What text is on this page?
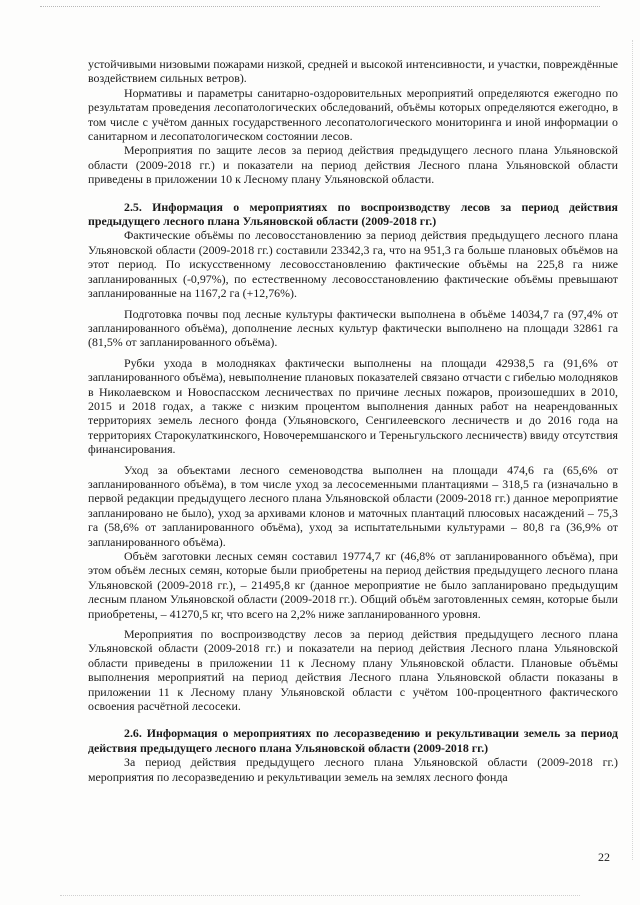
устойчивыми низовыми пожарами низкой, средней и высокой интенсивности, и участки, повреждённые воздействием сильных ветров).

Нормативы и параметры санитарно-оздоровительных мероприятий определяются ежегодно по результатам проведения лесопатологических обследований, объёмы которых определяются ежегодно, в том числе с учётом данных государственного лесопатологического мониторинга и иной информации о санитарном и лесопатологическом состоянии лесов.

Мероприятия по защите лесов за период действия предыдущего лесного плана Ульяновской области (2009-2018 гг.) и показатели на период действия Лесного плана Ульяновской области приведены в приложении 10 к Лесному плану Ульяновской области.

2.5. Информация о мероприятиях по воспроизводству лесов за период действия предыдущего лесного плана Ульяновской области (2009-2018 гг.)

Фактические объёмы по лесовосстановлению за период действия предыдущего лесного плана Ульяновской области (2009-2018 гг.) составили 23342,3 га, что на 951,3 га больше плановых объёмов на этот период. По искусственному лесовосстановлению фактические объёмы на 225,8 га ниже запланированных (-0,97%), по естественному лесовосстановлению фактические объёмы превышают запланированные на 1167,2 га (+12,76%).

Подготовка почвы под лесные культуры фактически выполнена в объёме 14034,7 га (97,4% от запланированного объёма), дополнение лесных культур фактически выполнено на площади 32861 га (81,5% от запланированного объёма).

Рубки ухода в молодняках фактически выполнены на площади 42938,5 га (91,6% от запланированного объёма), невыполнение плановых показателей связано отчасти с гибелью молодняков в Николаевском и Новоспасском лесничествах по причине лесных пожаров, произошедших в 2010, 2015 и 2018 годах, а также с низким процентом выполнения данных работ на неарендованных территориях земель лесного фонда (Ульяновского, Сенгилеевского лесничеств и до 2016 года на территориях Старокулаткинского, Новочеремшанского и Тереньгульского лесничеств) ввиду отсутствия финансирования.

Уход за объектами лесного семеноводства выполнен на площади 474,6 га (65,6% от запланированного объёма), в том числе уход за лесосеменными плантациями – 318,5 га (изначально в первой редакции предыдущего лесного плана Ульяновской области (2009-2018 гг.) данное мероприятие запланировано не было), уход за архивами клонов и маточных плантаций плюсовых насаждений – 75,3 га (58,6% от запланированного объёма), уход за испытательными культурами – 80,8 га (36,9% от запланированного объёма).

Объём заготовки лесных семян составил 19774,7 кг (46,8% от запланированного объёма), при этом объём лесных семян, которые были приобретены на период действия предыдущего лесного плана Ульяновской (2009-2018 гг.), – 21495,8 кг (данное мероприятие не было запланировано предыдущим лесным планом Ульяновской области (2009-2018 гг.). Общий объём заготовленных семян, которые были приобретены, – 41270,5 кг, что всего на 2,2% ниже запланированного уровня.

Мероприятия по воспроизводству лесов за период действия предыдущего лесного плана Ульяновской области (2009-2018 гг.) и показатели на период действия Лесного плана Ульяновской области приведены в приложении 11 к Лесному плану Ульяновской области. Плановые объёмы выполнения мероприятий на период действия Лесного плана Ульяновской области показаны в приложении 11 к Лесному плану Ульяновской области с учётом 100-процентного фактического освоения расчётной лесосеки.

2.6. Информация о мероприятиях по лесоразведению и рекультивации земель за период действия предыдущего лесного плана Ульяновской области (2009-2018 гг.)

За период действия предыдущего лесного плана Ульяновской области (2009-2018 гг.) мероприятия по лесоразведению и рекультивации земель на землях лесного фонда

22
